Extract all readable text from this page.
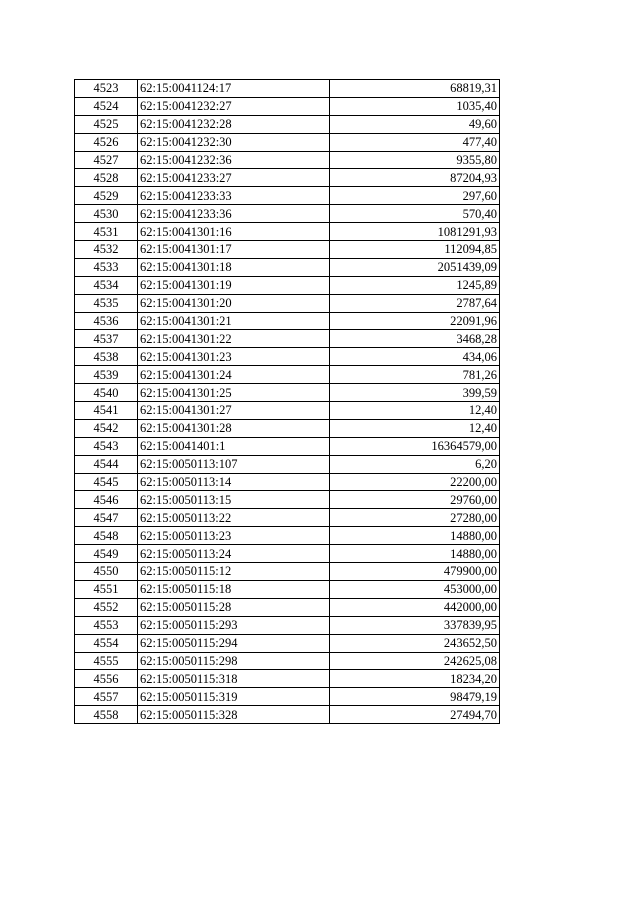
4523	62:15:0041124:17	68819,31
4524	62:15:0041232:27	1035,40
4525	62:15:0041232:28	49,60
4526	62:15:0041232:30	477,40
4527	62:15:0041232:36	9355,80
4528	62:15:0041233:27	87204,93
4529	62:15:0041233:33	297,60
4530	62:15:0041233:36	570,40
4531	62:15:0041301:16	1081291,93
4532	62:15:0041301:17	112094,85
4533	62:15:0041301:18	2051439,09
4534	62:15:0041301:19	1245,89
4535	62:15:0041301:20	2787,64
4536	62:15:0041301:21	22091,96
4537	62:15:0041301:22	3468,28
4538	62:15:0041301:23	434,06
4539	62:15:0041301:24	781,26
4540	62:15:0041301:25	399,59
4541	62:15:0041301:27	12,40
4542	62:15:0041301:28	12,40
4543	62:15:0041401:1	16364579,00
4544	62:15:0050113:107	6,20
4545	62:15:0050113:14	22200,00
4546	62:15:0050113:15	29760,00
4547	62:15:0050113:22	27280,00
4548	62:15:0050113:23	14880,00
4549	62:15:0050113:24	14880,00
4550	62:15:0050115:12	479900,00
4551	62:15:0050115:18	453000,00
4552	62:15:0050115:28	442000,00
4553	62:15:0050115:293	337839,95
4554	62:15:0050115:294	243652,50
4555	62:15:0050115:298	242625,08
4556	62:15:0050115:318	18234,20
4557	62:15:0050115:319	98479,19
4558	62:15:0050115:328	27494,70
